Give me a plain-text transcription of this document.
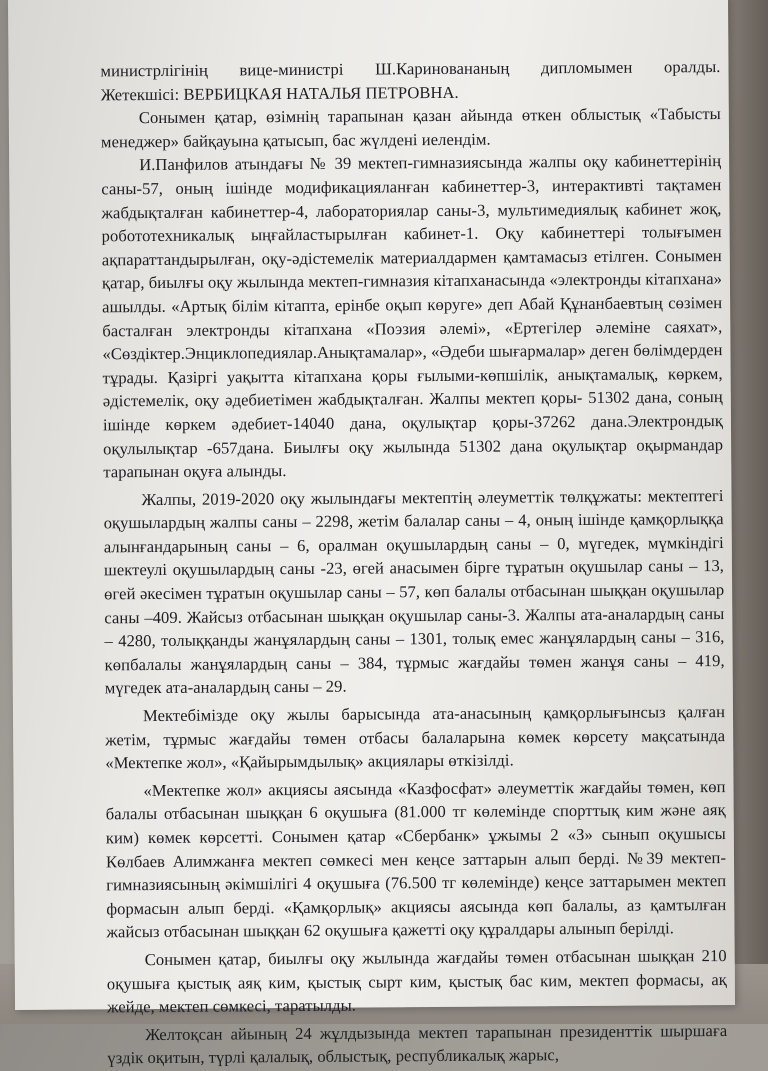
министрлігінің вице-министрі Ш.Кариновананың дипломымен оралды.

Жетекшісі: ВЕРБИЦКАЯ НАТАЛЬЯ ПЕТРОВНА.

Сонымен қатар, өзімнің тарапынан қазан айында өткен облыстық «Табысты менеджер» байқауына қатысып, бас жүлдені иелендім.

И.Панфилов атындағы № 39 мектеп-гимназиясында жалпы оқу кабинеттерінің саны-57, оның ішінде модификацияланған кабинеттер-3, интерактивті тақтамен жабдықталған кабинеттер-4, лабораториялар саны-3, мультимедиялық кабинет жоқ, робототехникалық ыңғайластырылған кабинет-1. Оқу кабинеттері толығымен ақпараттандырылған, оқу-әдістемелік материалдармен қамтамасыз етілген. Сонымен қатар, биылғы оқу жылында мектеп-гимназия кітапханасында «электронды кітапхана» ашылды. «Артық білім кітапта, ерінбе оқып көруге» деп Абай Құнанбаевтың сөзімен басталған электронды кітапхана «Поэзия әлемі», «Ертегілер әлеміне саяхат», «Сөздіктер.Энциклопедиялар.Анықтамалар», «Әдеби шығармалар» деген бөлімдерден тұрады. Қазіргі уақытта кітапхана қоры ғылыми-көпшілік, анықтамалық, көркем, әдістемелік, оқу әдебиетімен жабдықталған. Жалпы мектеп қоры- 51302 дана, соның ішінде көркем әдебиет-14040 дана, оқулықтар қоры-37262 дана.Электрондық оқулылықтар -657дана. Биылғы оқу жылында 51302 дана оқулықтар оқырмандар тарапынан оқуға алынды.

Жалпы, 2019-2020 оқу жылындағы мектептің әлеуметтік төлқұжаты: мектептегі оқушылардың жалпы саны – 2298, жетім балалар саны – 4, оның ішінде қамқорлыққа алынғандарының саны – 6, оралман оқушылардың саны – 0, мүгедек, мүмкіндігі шектеулі оқушылардың саны -23, өгей анасымен бірге тұратын оқушылар саны – 13, өгей әкесімен тұратын оқушылар саны – 57, көп балалы отбасынан шыққан оқушылар саны –409. Жайсыз отбасынан шыққан оқушылар саны-3. Жалпы ата-аналардың саны – 4280, толыққанды жанұялардың саны – 1301, толық емес жанұялардың саны – 316, көпбалалы жанұялардың саны – 384, тұрмыс жағдайы төмен жанұя саны – 419, мүгедек ата-аналардың саны – 29.

Мектебімізде оқу жылы барысында ата-анасының қамқорлығынсыз қалған жетім, тұрмыс жағдайы төмен отбасы балаларына көмек көрсету мақсатында «Мектепке жол», «Қайырымдылық» акциялары өткізілді.

«Мектепке жол» акциясы аясында «Казфосфат» әлеуметтік жағдайы төмен, көп балалы отбасынан шыққан 6 оқушыға (81.000 тг көлемінде спорттық ким және аяқ ким) көмек көрсетті. Сонымен қатар «Сбербанк» ұжымы 2 «З» сынып оқушысы Көлбаев Алимжанға мектеп сөмкесі мен кеңсе заттарын алып берді. №39 мектеп-гимназиясының әкімшілігі 4 оқушыға (76.500 тг көлемінде) кеңсе заттарымен мектеп формасын алып берді. «Қамқорлық» акциясы аясында көп балалы, аз қамтылған жайсыз отбасынан шыққан 62 оқушыға қажетті оқу құралдары алынып берілді.

Сонымен қатар, биылғы оқу жылында жағдайы төмен отбасынан шыққан 210 оқушыға қыстық аяқ ким, қыстық сырт ким, қыстық бас ким, мектеп формасы, ақ жейде, мектеп сөмкесі, таратылды.

Желтоқсан айының 24 жұлдызында мектеп тарапынан президенттік шыршаға үздік оқитын, түрлі қалалық, облыстық, республикалық жарыс,
